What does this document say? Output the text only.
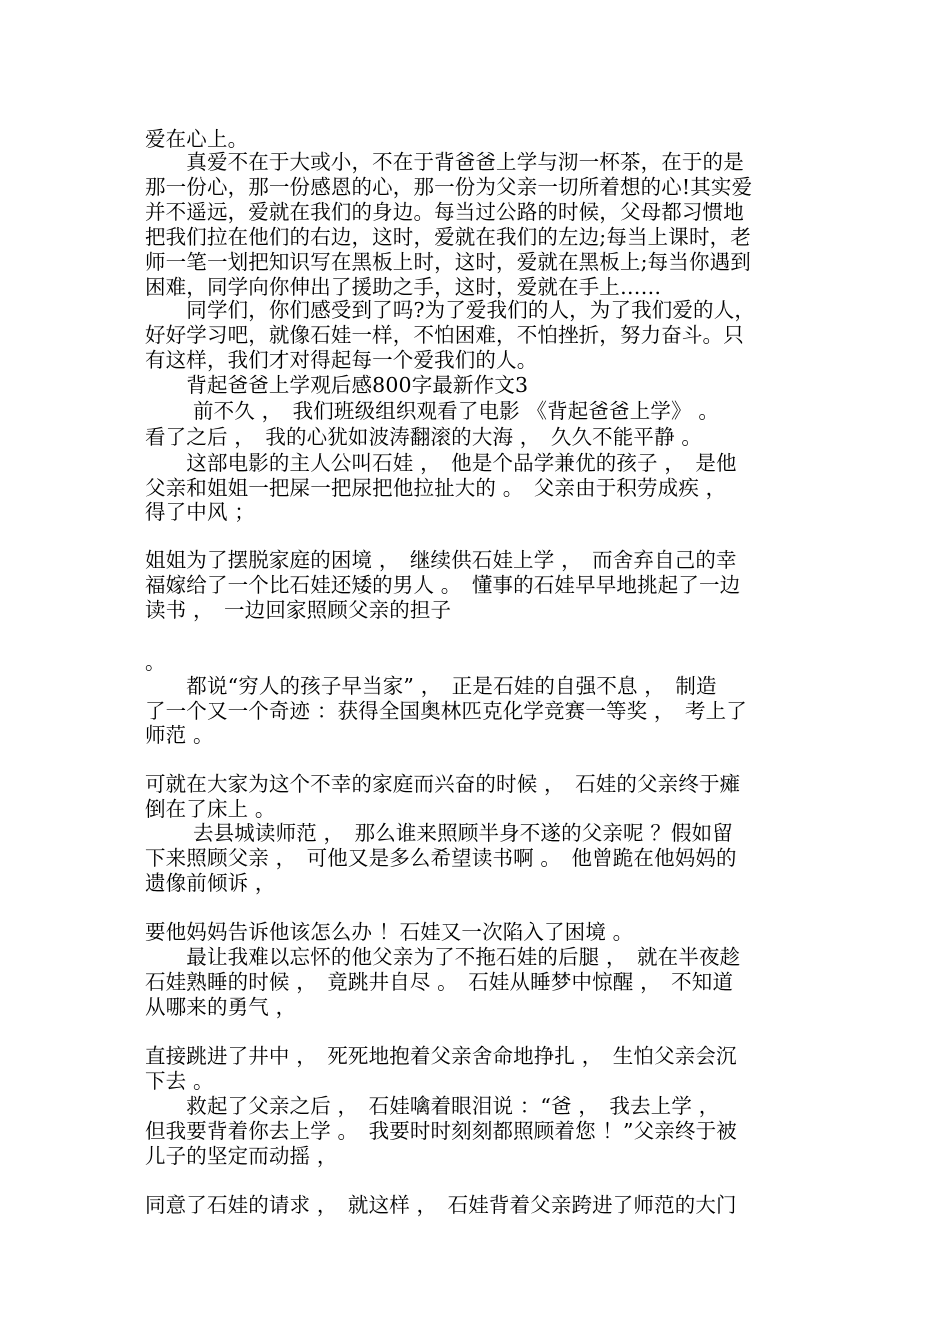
爱在心上。
　　真爱不在于大或小，不在于背爸爸上学与沏一杯茶，在于的是
那一份心，那一份感恩的心，那一份为父亲一切所着想的心!其实爱
并不遥远，爱就在我们的身边。每当过公路的时候，父母都习惯地
把我们拉在他们的右边，这时，爱就在我们的左边;每当上课时，老
师一笔一划把知识写在黑板上时，这时，爱就在黑板上;每当你遇到
困难，同学向你伸出了援助之手，这时，爱就在手上……
　　同学们，你们感受到了吗?为了爱我们的人，为了我们爱的人，
好好学习吧，就像石娃一样，不怕困难，不怕挫折，努力奋斗。只
有这样，我们才对得起每一个爱我们的人。
　　背起爸爸上学观后感800字最新作文3
　　 前不久 ，　我们班级组织观看了电影 《背起爸爸上学》 。
看了之后 ，　我的心犹如波涛翻滚的大海 ，　久久不能平静 。
　　这部电影的主人公叫石娃 ，　他是个品学兼优的孩子 ，　是他
父亲和姐姐一把屎一把尿把他拉扯大的 。　父亲由于积劳成疾 ，
得了中风 ；
姐姐为了摆脱家庭的困境 ，　继续供石娃上学 ，　而舍弃自己的幸
福嫁给了一个比石娃还矮的男人 。　懂事的石娃早早地挑起了一边
读书 ，　一边回家照顾父亲的担子
。
　　都说“穷人的孩子早当家” ，　正是石娃的自强不息 ，　制造
了一个又一个奇迹 ：获得全国奥林匹克化学竞赛一等奖 ，　考上了
师范 。
可就在大家为这个不幸的家庭而兴奋的时候 ，　石娃的父亲终于瘫
倒在了床上 。
　　 去县城读师范 ，　那么谁来照顾半身不遂的父亲呢 ？假如留
下来照顾父亲 ，　可他又是多么希望读书啊 。　他曾跪在他妈妈的
遗像前倾诉 ，
要他妈妈告诉他该怎么办 ！石娃又一次陷入了困境 。
　　最让我难以忘怀的他父亲为了不拖石娃的后腿 ，　就在半夜趁
石娃熟睡的时候 ，　竟跳井自尽 。　石娃从睡梦中惊醒 ，　不知道
从哪来的勇气 ，
直接跳进了井中 ，　死死地抱着父亲舍命地挣扎 ，　生怕父亲会沉
下去 。
　　救起了父亲之后 ，　石娃噙着眼泪说 ：“爸 ，　我去上学 ，
但我要背着你去上学 。　我要时时刻刻都照顾着您 ！”父亲终于被
儿子的坚定而动摇 ，
同意了石娃的请求 ，　就这样 ，　石娃背着父亲跨进了师范的大门
